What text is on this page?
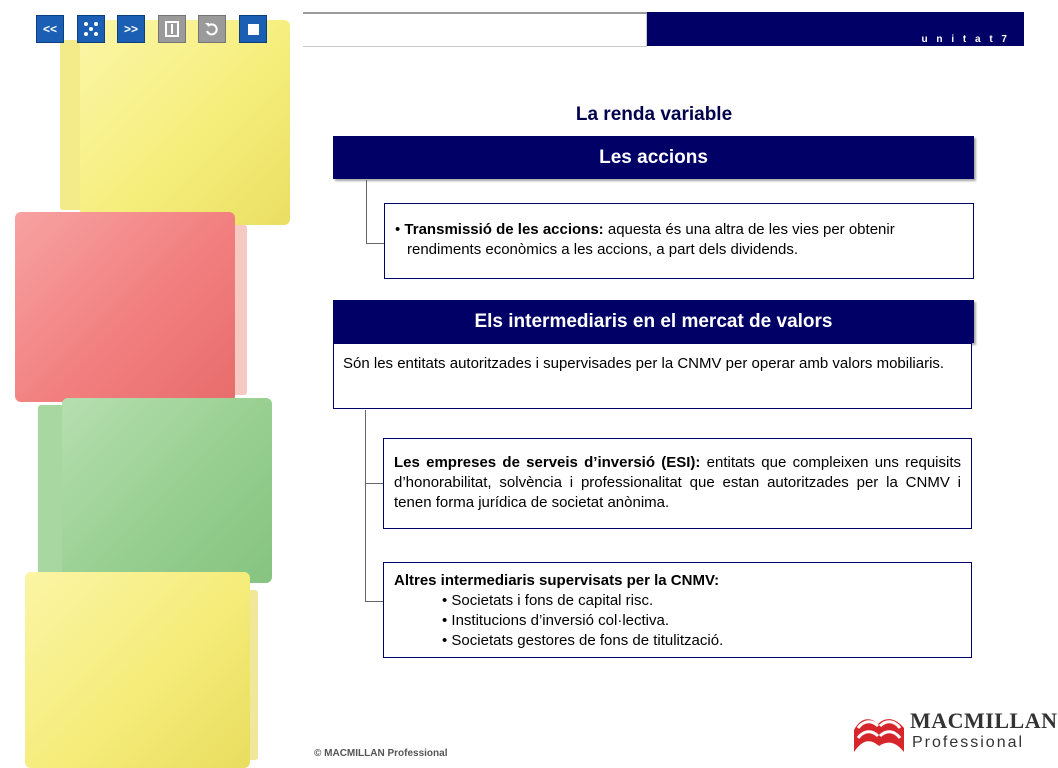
u n i t a t 7
<<	>>
La renda variable
Les accions
• Transmissió de les accions: aquesta és una altra de les vies per obtenir rendiments econòmics a les accions, a part dels dividends.
Els intermediaris en el mercat de valors
Són les entitats autoritzades i supervisades per la CNMV per operar amb valors mobiliaris.
Les empreses de serveis d’inversió (ESI): entitats que compleixen uns requisits d’honorabilitat, solvència i professionalitat que estan autoritzades per la CNMV i tenen forma jurídica de societat anònima.
Altres intermediaris supervisats per la CNMV:
• Societats i fons de capital risc.
• Institucions d’inversió col·lectiva.
• Societats gestores de fons de titulització.
© MACMILLAN Professional
MACMILLAN
Professional
